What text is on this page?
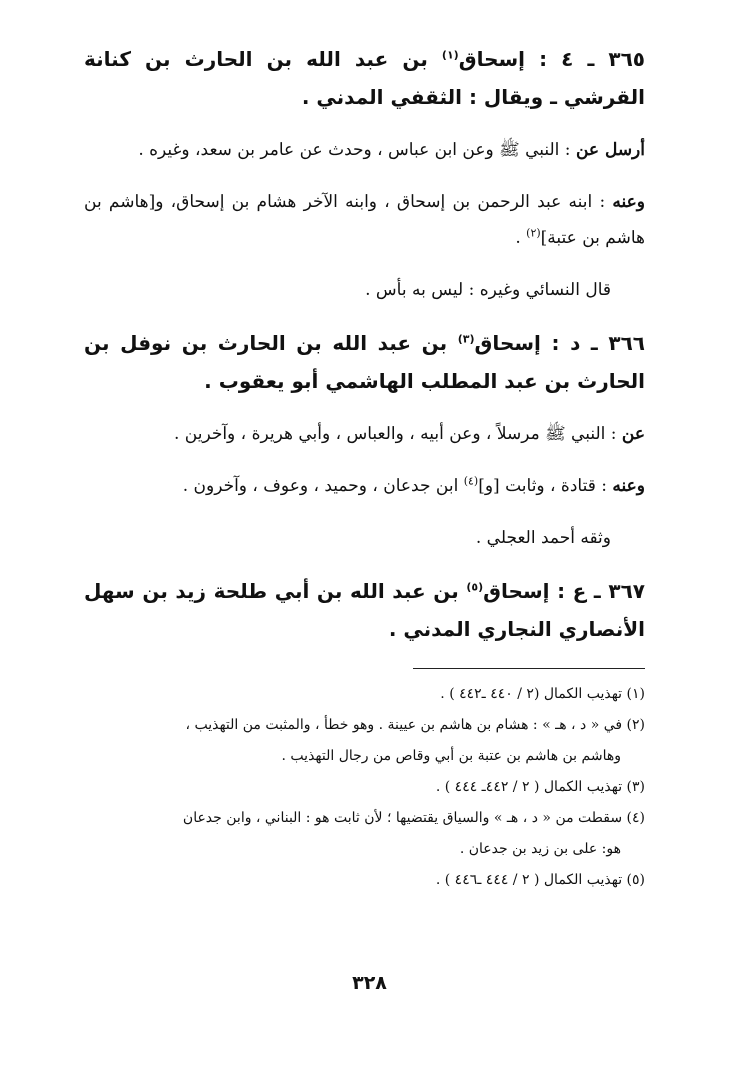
٣٦٥ ـ ٤ : إسحاق$^{(١)}$ بن عبد الله بن الحارث بن كنانة القرشي ـ ويقال : الثقفي المدني .

أرسل عن : النبي ﷺ وعن ابن عباس ، وحدث عن عامر بن سعد، وغيره .

وعنه : ابنه عبد الرحمن بن إسحاق ، وابنه الآخر هشام بن إسحاق، و[هاشم بن هاشم بن عتبة]$^{(٢)}$ .

قال النسائي وغيره : ليس به بأس .

٣٦٦ ـ د : إسحاق$^{(٣)}$ بن عبد الله بن الحارث بن نوفل بن الحارث بن عبد المطلب الهاشمي أبو يعقوب .

عن : النبي ﷺ مرسلاً ، وعن أبيه ، والعباس ، وأبي هريرة ، وآخرين .

وعنه : قتادة ، وثابت [و]$^{(٤)}$ ابن جدعان ، وحميد ، وعوف ، وآخرون .

وثقه أحمد العجلي .

٣٦٧ ـ ع : إسحاق$^{(٥)}$ بن عبد الله بن أبي طلحة زيد بن سهل الأنصاري النجاري المدني .

(١) تهذيب الكمال (٢ / ٤٤٠ ـ٤٤٢ ) .

(٢) في « د ، هـ » : هشام بن هاشم بن عيينة . وهو خطأ ، والمثبت من التهذيب ،

وهاشم بن هاشم بن عتبة بن أبي وقاص من رجال التهذيب .

(٣) تهذيب الكمال ( ٢ / ٤٤٢ـ ٤٤٤ ) .

(٤) سقطت من « د ، هـ » والسياق يقتضيها ؛ لأن ثابت هو : البناني ، وابن جدعان

هو: على بن زيد بن جدعان .

(٥) تهذيب الكمال ( ٢ / ٤٤٤ ـ٤٤٦ ) .

٣٢٨
